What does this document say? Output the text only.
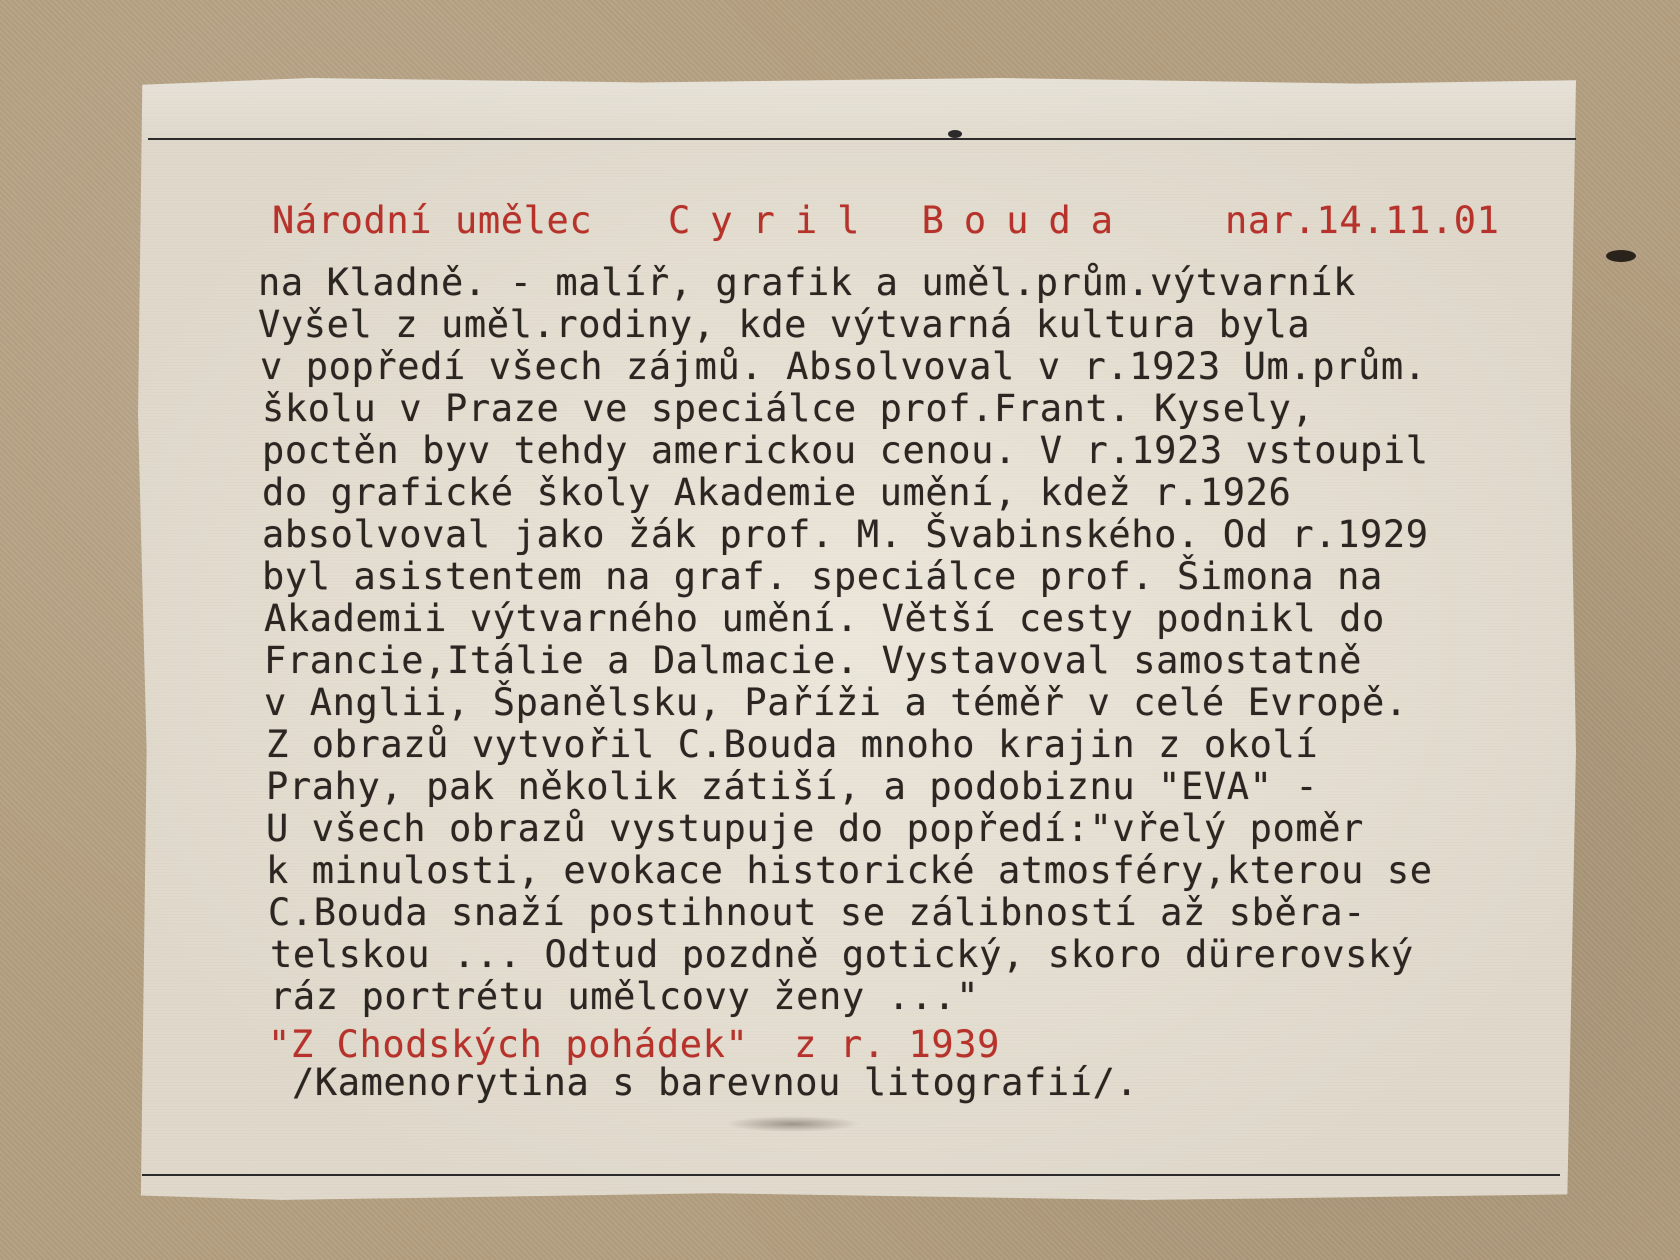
Národní umělec Cyril Bouda nar.14.11.01
na Kladně. - malíř, grafik a uměl.prům.výtvarník
Vyšel z uměl.rodiny, kde výtvarná kultura byla
v popředí všech zájmů. Absolvoval v r.1923 Um.prům.
školu v Praze ve speciálce prof.Frant. Kysely,
poctěn byv tehdy americkou cenou. V r.1923 vstoupil
do grafické školy Akademie umění, kdež r.1926
absolvoval jako žák prof. M. Švabinského. Od r.1929
byl asistentem na graf. speciálce prof. Šimona na
Akademii výtvarného umění. Větší cesty podnikl do
Francie,Itálie a Dalmacie. Vystavoval samostatně
v Anglii, Španělsku, Paříži a téměř v celé Evropě.
Z obrazů vytvořil C.Bouda mnoho krajin z okolí
Prahy, pak několik zátiší, a podobiznu "EVA" -
U všech obrazů vystupuje do popředí:"vřelý poměr
k minulosti, evokace historické atmosféry,kterou se
C.Bouda snaží postihnout se zálibností až sběra-
telskou ... Odtud pozdně gotický, skoro dürerovský
ráz portrétu umělcovy ženy ..."
"Z Chodských pohádek"  z r. 1939
/Kamenorytina s barevnou litografií/.
